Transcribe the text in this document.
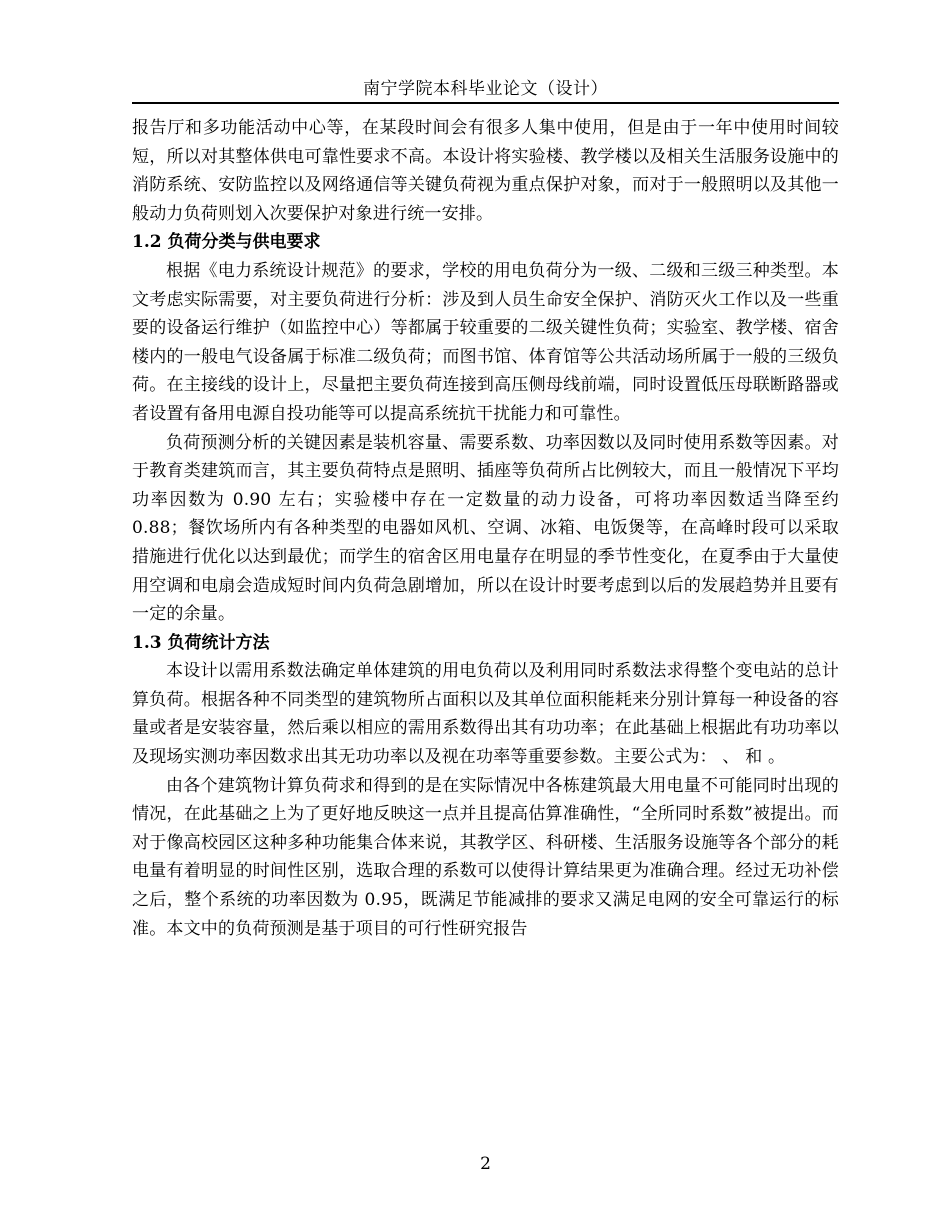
南宁学院本科毕业论文（设计）

报告厅和多功能活动中心等，在某段时间会有很多人集中使用，但是由于一年中使用时间较短，所以对其整体供电可靠性要求不高。本设计将实验楼、教学楼以及相关生活服务设施中的消防系统、安防监控以及网络通信等关键负荷视为重点保护对象，而对于一般照明以及其他一般动力负荷则划入次要保护对象进行统一安排。

1.2 负荷分类与供电要求

根据《电力系统设计规范》的要求，学校的用电负荷分为一级、二级和三级三种类型。本文考虑实际需要，对主要负荷进行分析：涉及到人员生命安全保护、消防灭火工作以及一些重要的设备运行维护（如监控中心）等都属于较重要的二级关键性负荷；实验室、教学楼、宿舍楼内的一般电气设备属于标准二级负荷；而图书馆、体育馆等公共活动场所属于一般的三级负荷。在主接线的设计上，尽量把主要负荷连接到高压侧母线前端，同时设置低压母联断路器或者设置有备用电源自投功能等可以提高系统抗干扰能力和可靠性。

负荷预测分析的关键因素是装机容量、需要系数、功率因数以及同时使用系数等因素。对于教育类建筑而言，其主要负荷特点是照明、插座等负荷所占比例较大，而且一般情况下平均功率因数为 0.90 左右；实验楼中存在一定数量的动力设备，可将功率因数适当降至约 0.88；餐饮场所内有各种类型的电器如风机、空调、冰箱、电饭煲等，在高峰时段可以采取措施进行优化以达到最优；而学生的宿舍区用电量存在明显的季节性变化，在夏季由于大量使用空调和电扇会造成短时间内负荷急剧增加，所以在设计时要考虑到以后的发展趋势并且要有一定的余量。

1.3 负荷统计方法

本设计以需用系数法确定单体建筑的用电负荷以及利用同时系数法求得整个变电站的总计算负荷。根据各种不同类型的建筑物所占面积以及其单位面积能耗来分别计算每一种设备的容量或者是安装容量，然后乘以相应的需用系数得出其有功功率；在此基础上根据此有功功率以及现场实测功率因数求出其无功功率以及视在功率等重要参数。主要公式为： 、 和 。

由各个建筑物计算负荷求和得到的是在实际情况中各栋建筑最大用电量不可能同时出现的情况，在此基础之上为了更好地反映这一点并且提高估算准确性，“全所同时系数”被提出。而对于像高校园区这种多种功能集合体来说，其教学区、科研楼、生活服务设施等各个部分的耗电量有着明显的时间性区别，选取合理的系数可以使得计算结果更为准确合理。经过无功补偿之后，整个系统的功率因数为 0.95，既满足节能减排的要求又满足电网的安全可靠运行的标准。本文中的负荷预测是基于项目的可行性研究报告

2
